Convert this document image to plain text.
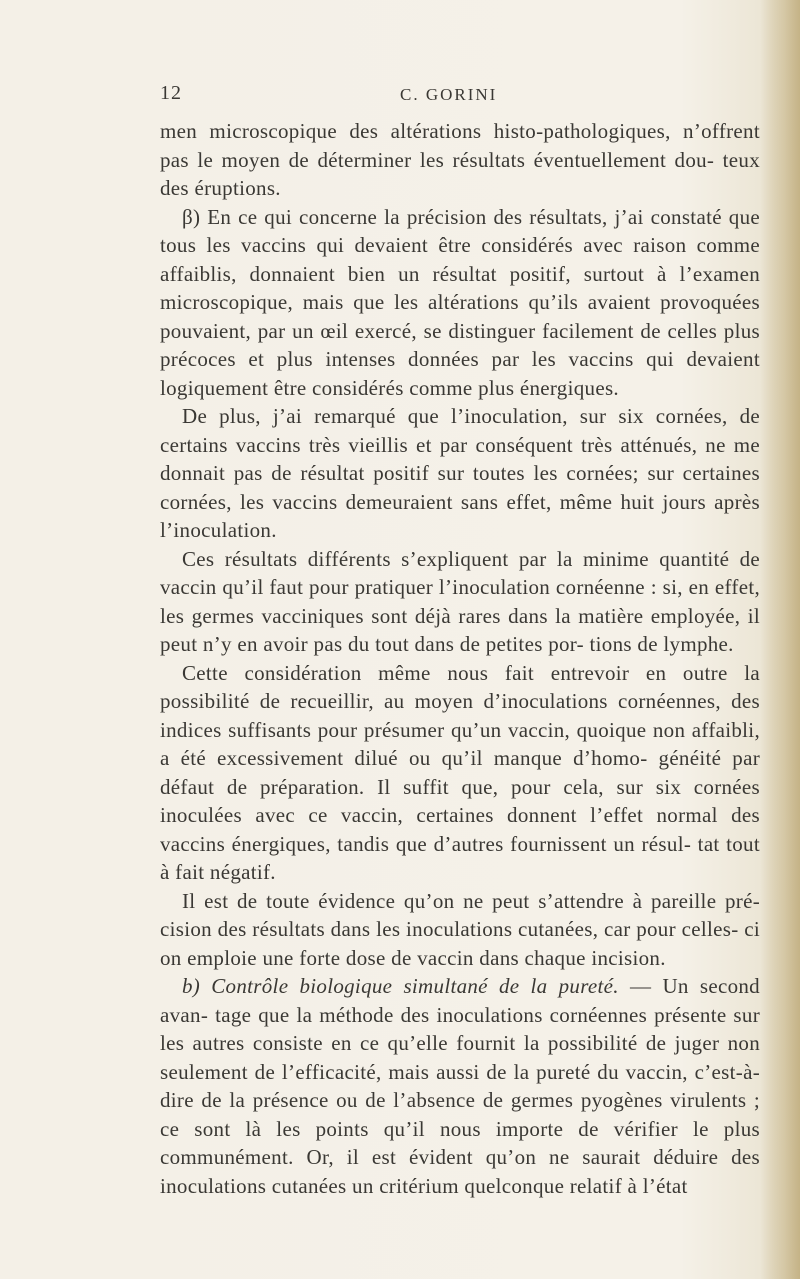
12	C. GORINI

men microscopique des altérations histo-pathologiques, n’offrent pas le moyen de déterminer les résultats éventuellement dou- teux des éruptions.

β) En ce qui concerne la précision des résultats, j’ai constaté que tous les vaccins qui devaient être considérés avec raison comme affaiblis, donnaient bien un résultat positif, surtout à l’examen microscopique, mais que les altérations qu’ils avaient provoquées pouvaient, par un œil exercé, se distinguer facilement de celles plus précoces et plus intenses données par les vaccins qui devaient logiquement être considérés comme plus énergiques.

De plus, j’ai remarqué que l’inoculation, sur six cornées, de certains vaccins très vieillis et par conséquent très atténués, ne me donnait pas de résultat positif sur toutes les cornées; sur certaines cornées, les vaccins demeuraient sans effet, même huit jours après l’inoculation.

Ces résultats différents s’expliquent par la minime quantité de vaccin qu’il faut pour pratiquer l’inoculation cornéenne : si, en effet, les germes vacciniques sont déjà rares dans la matière employée, il peut n’y en avoir pas du tout dans de petites por- tions de lymphe.

Cette considération même nous fait entrevoir en outre la possibilité de recueillir, au moyen d’inoculations cornéennes, des indices suffisants pour présumer qu’un vaccin, quoique non affaibli, a été excessivement dilué ou qu’il manque d’homo- généité par défaut de préparation. Il suffit que, pour cela, sur six cornées inoculées avec ce vaccin, certaines donnent l’effet normal des vaccins énergiques, tandis que d’autres fournissent un résul- tat tout à fait négatif.

Il est de toute évidence qu’on ne peut s’attendre à pareille pré- cision des résultats dans les inoculations cutanées, car pour celles- ci on emploie une forte dose de vaccin dans chaque incision.

b) Contrôle biologique simultané de la pureté. — Un second avan- tage que la méthode des inoculations cornéennes présente sur les autres consiste en ce qu’elle fournit la possibilité de juger non seulement de l’efficacité, mais aussi de la pureté du vaccin, c’est-à-dire de la présence ou de l’absence de germes pyogènes virulents ; ce sont là les points qu’il nous importe de vérifier le plus communément. Or, il est évident qu’on ne saurait déduire des inoculations cutanées un critérium quelconque relatif à l’état
